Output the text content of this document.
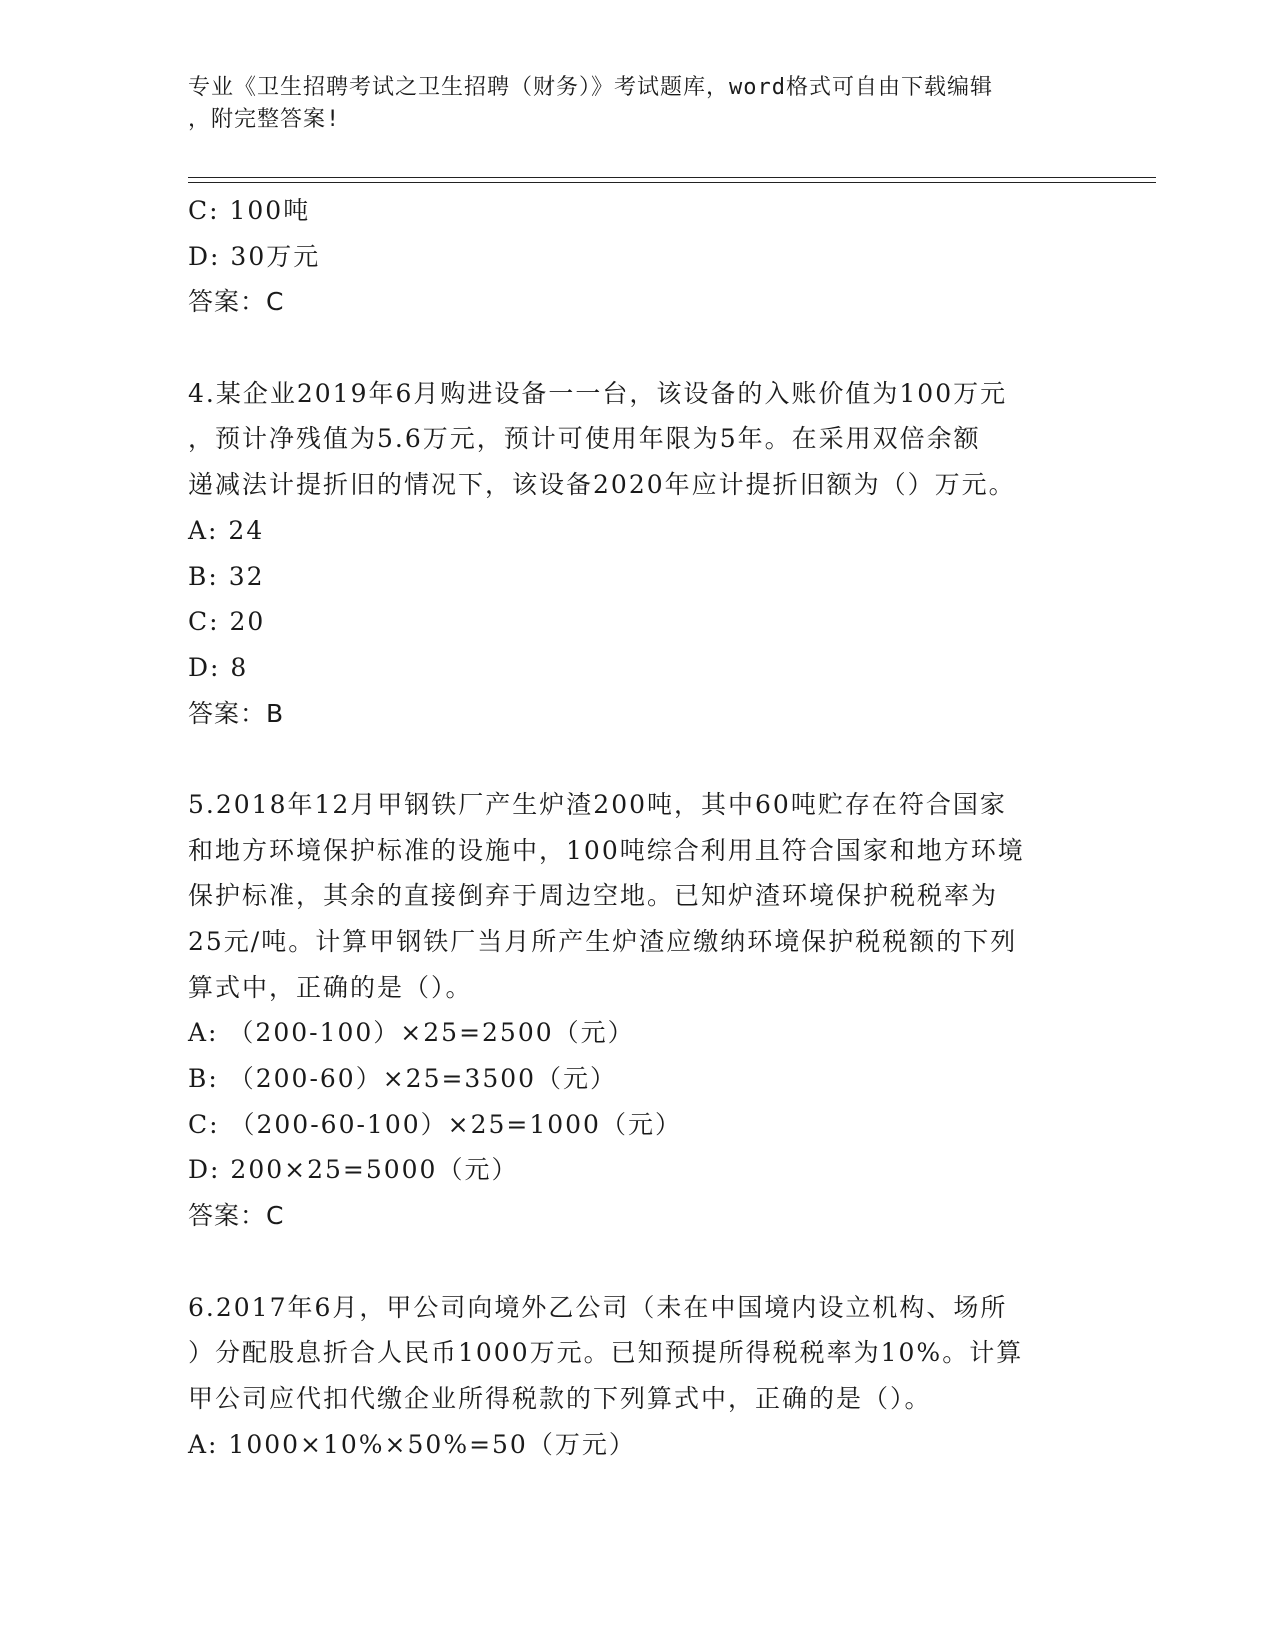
专业《卫生招聘考试之卫生招聘（财务）》考试题库，word格式可自由下载编辑
，附完整答案!
C: 100吨
D: 30万元
答案：C
4.某企业2019年6月购进设备一一台，该设备的入账价值为100万元
，预计净残值为5.6万元，预计可使用年限为5年。在采用双倍余额
递减法计提折旧的情况下，该设备2020年应计提折旧额为（）万元。
A: 24
B: 32
C: 20
D: 8
答案：B
5.2018年12月甲钢铁厂产生炉渣200吨，其中60吨贮存在符合国家
和地方环境保护标准的设施中，100吨综合利用且符合国家和地方环境
保护标准，其余的直接倒弃于周边空地。已知炉渣环境保护税税率为
25元/吨。计算甲钢铁厂当月所产生炉渣应缴纳环境保护税税额的下列
算式中，正确的是（）。
A: （200-100）×25=2500（元）
B: （200-60）×25=3500（元）
C: （200-60-100）×25=1000（元）
D: 200×25=5000（元）
答案：C
6.2017年6月，甲公司向境外乙公司（未在中国境内设立机构、场所
）分配股息折合人民币1000万元。已知预提所得税税率为10%。计算
甲公司应代扣代缴企业所得税款的下列算式中，正确的是（）。
A: 1000×10%×50%=50（万元）
